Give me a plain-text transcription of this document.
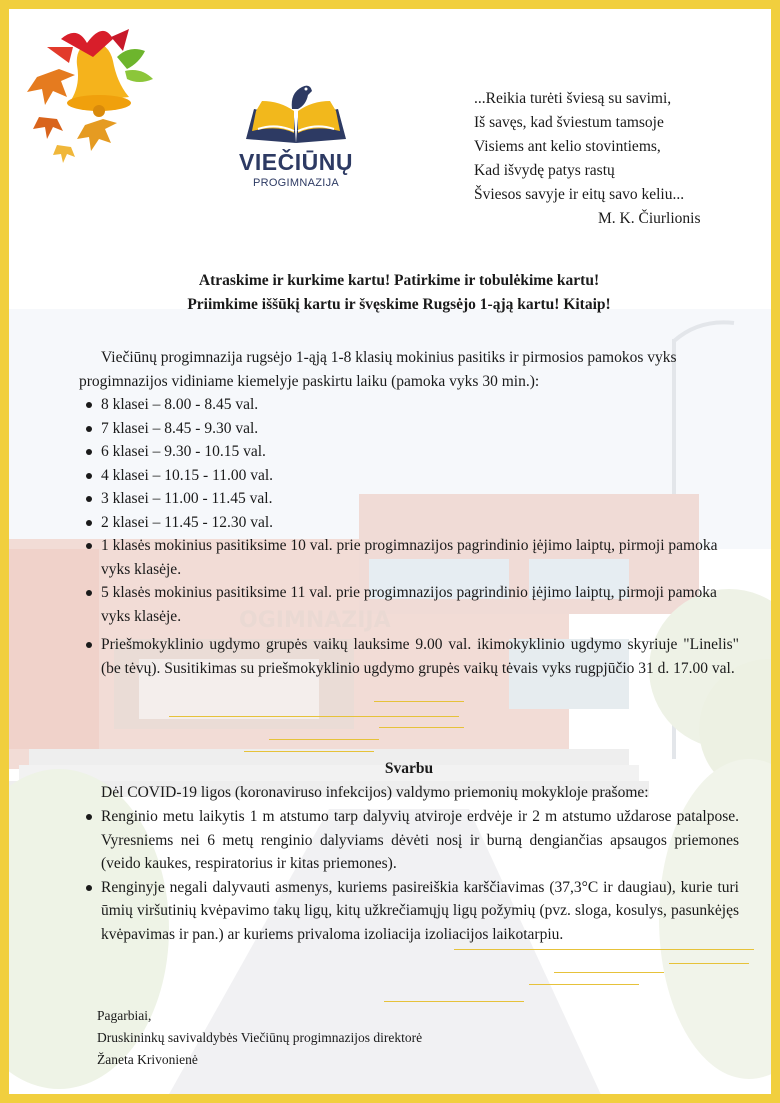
OGIMNAZIJA
VIEČIŪNŲ
PROGIMNAZIJA
...Reikia turėti šviesą su savimi,
Iš savęs, kad šviestum tamsoje
Visiems ant kelio stovintiems,
Kad išvydę patys rastų
Šviesos savyje ir eitų savo keliu...
M. K. Čiurlionis
Atraskime ir kurkime kartu! Patirkime ir tobulėkime kartu!
Priimkime iššūkį kartu ir švęskime Rugsėjo 1-ąją kartu! Kitaip!

Viečiūnų progimnazija rugsėjo 1-ąją 1-8 klasių mokinius pasitiks ir pirmosios pamokos vyks progimnazijos vidiniame kiemelyje paskirtu laiku (pamoka vyks 30 min.):

8 klasei – 8.00 - 8.45 val.
7 klasei – 8.45 - 9.30 val.
6 klasei – 9.30 - 10.15 val.
4 klasei – 10.15 - 11.00 val.
3 klasei – 11.00 - 11.45 val.
2 klasei – 11.45 - 12.30 val.
1 klasės mokinius pasitiksime 10 val. prie progimnazijos pagrindinio įėjimo laiptų, pirmoji pamoka vyks klasėje.
5 klasės mokinius pasitiksime 11 val. prie progimnazijos pagrindinio įėjimo laiptų, pirmoji pamoka vyks klasėje.
Priešmokyklinio ugdymo grupės vaikų lauksime 9.00 val. ikimokyklinio ugdymo skyriuje "Linelis" (be tėvų). Susitikimas su priešmokyklinio ugdymo grupės vaikų tėvais vyks rugpjūčio 31 d. 17.00 val.
Svarbu

Dėl COVID-19 ligos (koronaviruso infekcijos) valdymo priemonių mokykloje prašome:

Renginio metu laikytis 1 m atstumo tarp dalyvių atviroje erdvėje ir 2 m atstumo uždarose patalpose. Vyresniems nei 6 metų renginio dalyviams dėvėti nosį ir burną dengiančias apsaugos priemones (veido kaukes, respiratorius ir kitas priemones).
Renginyje negali dalyvauti asmenys, kuriems pasireiškia karščiavimas (37,3°C ir daugiau), kurie turi ūmių viršutinių kvėpavimo takų ligų, kitų užkrečiamųjų ligų požymių (pvz. sloga, kosulys, pasunkėjęs kvėpavimas ir pan.) ar kuriems privaloma izoliacija izoliacijos laikotarpiu.
Pagarbiai,
Druskininkų savivaldybės Viečiūnų progimnazijos direktorė
Žaneta Krivonienė
